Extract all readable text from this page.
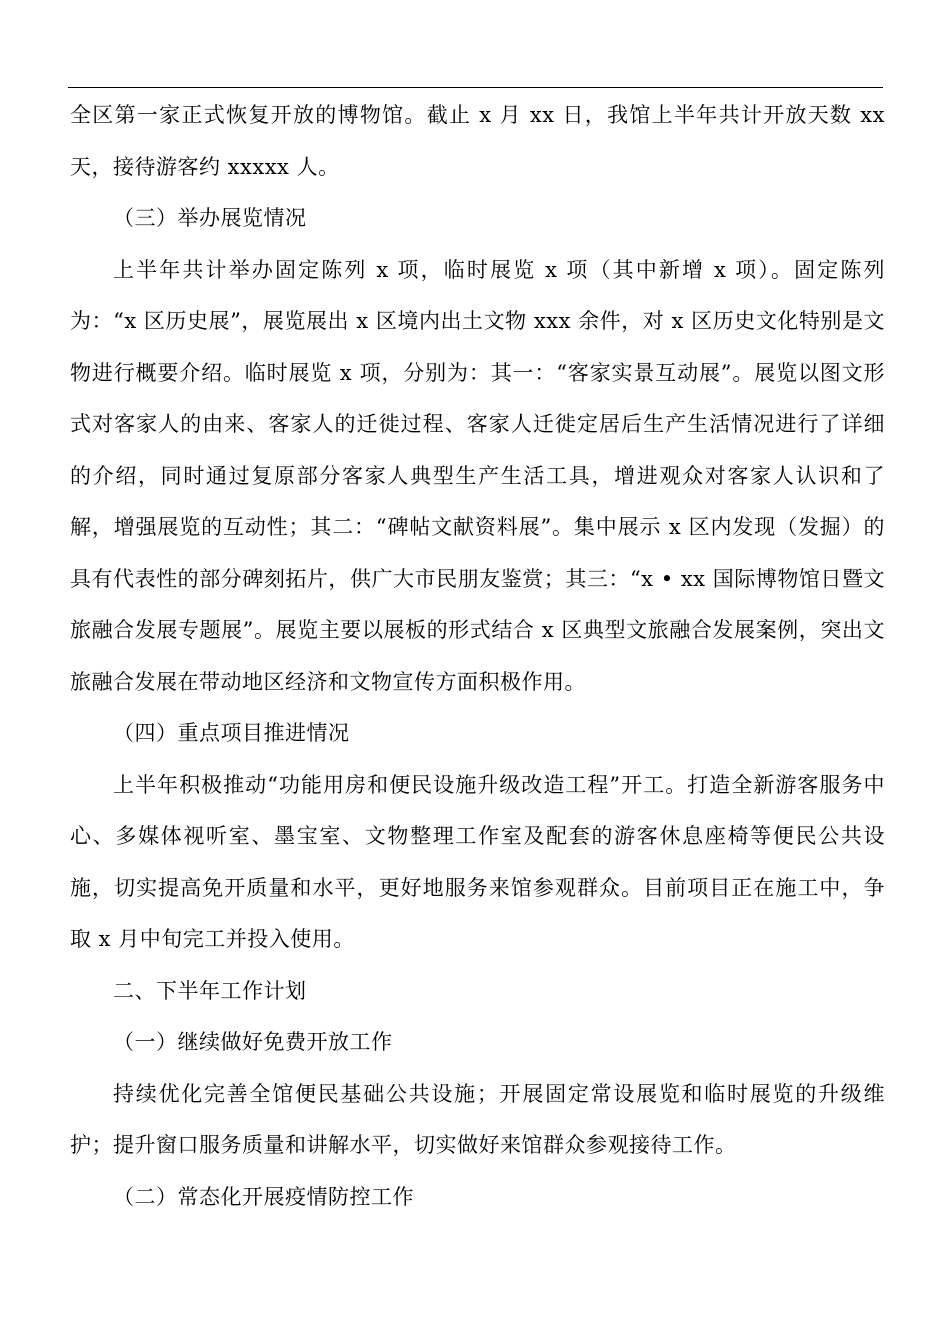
全区第一家正式恢复开放的博物馆。截止 x 月 xx 日，我馆上半年共计开放天数 xx 天，接待游客约 xxxxx 人。

（三）举办展览情况

上半年共计举办固定陈列 x 项，临时展览 x 项（其中新增 x 项）。固定陈列为：“x 区历史展”，展览展出 x 区境内出土文物 xxx 余件，对 x 区历史文化特别是文物进行概要介绍。临时展览 x 项，分别为：其一：“客家实景互动展”。展览以图文形式对客家人的由来、客家人的迁徙过程、客家人迁徙定居后生产生活情况进行了详细的介绍，同时通过复原部分客家人典型生产生活工具，增进观众对客家人认识和了解，增强展览的互动性；其二：“碑帖文献资料展”。集中展示 x 区内发现（发掘）的具有代表性的部分碑刻拓片，供广大市民朋友鉴赏；其三：“x • xx 国际博物馆日暨文旅融合发展专题展”。展览主要以展板的形式结合 x 区典型文旅融合发展案例，突出文旅融合发展在带动地区经济和文物宣传方面积极作用。

（四）重点项目推进情况

上半年积极推动“功能用房和便民设施升级改造工程”开工。打造全新游客服务中心、多媒体视听室、墨宝室、文物整理工作室及配套的游客休息座椅等便民公共设施，切实提高免开质量和水平，更好地服务来馆参观群众。目前项目正在施工中，争取 x 月中旬完工并投入使用。

二、下半年工作计划

（一）继续做好免费开放工作

持续优化完善全馆便民基础公共设施；开展固定常设展览和临时展览的升级维护；提升窗口服务质量和讲解水平，切实做好来馆群众参观接待工作。

（二）常态化开展疫情防控工作
